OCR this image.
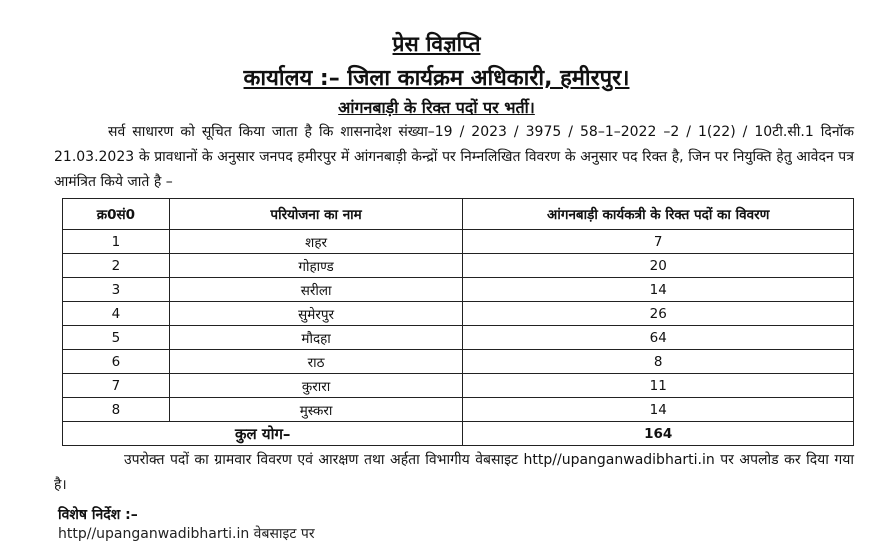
प्रेस विज्ञप्ति
कार्यालय :– जिला कार्यक्रम अधिकारी, हमीरपुर।
आंगनबाड़ी के रिक्त पदों पर भर्ती।
सर्व साधारण को सूचित किया जाता है कि शासनादेश संख्या–19 / 2023 / 3975 / 58–1–2022 –2 / 1(22) / 10टी.सी.1 दिनॉक 21.03.2023 के प्रावधानों के अनुसार जनपद हमीरपुर में आंगनबाड़ी केन्द्रों पर निम्नलिखित विवरण के अनुसार पद रिक्त है, जिन पर नियुक्ति हेतु आवेदन पत्र आमंत्रित किये जाते है –
क्र0सं0	परियोजना का नाम	आंगनबाड़ी कार्यकत्री के रिक्त पदों का विवरण
1	शहर	7
2	गोहाण्ड	20
3	सरीला	14
4	सुमेरपुर	26
5	मौदहा	64
6	राठ	8
7	कुरारा	11
8	मुस्करा	14
कुल योग–		164
उपरोक्त पदों का ग्रामवार विवरण एवं आरक्षण तथा अर्हता विभागीय वेबसाइट http//upanganwadibharti.in पर अपलोड कर दिया गया है।
विशेष निर्देश :–
http//upanganwadibharti.in वेबसाइट पर
